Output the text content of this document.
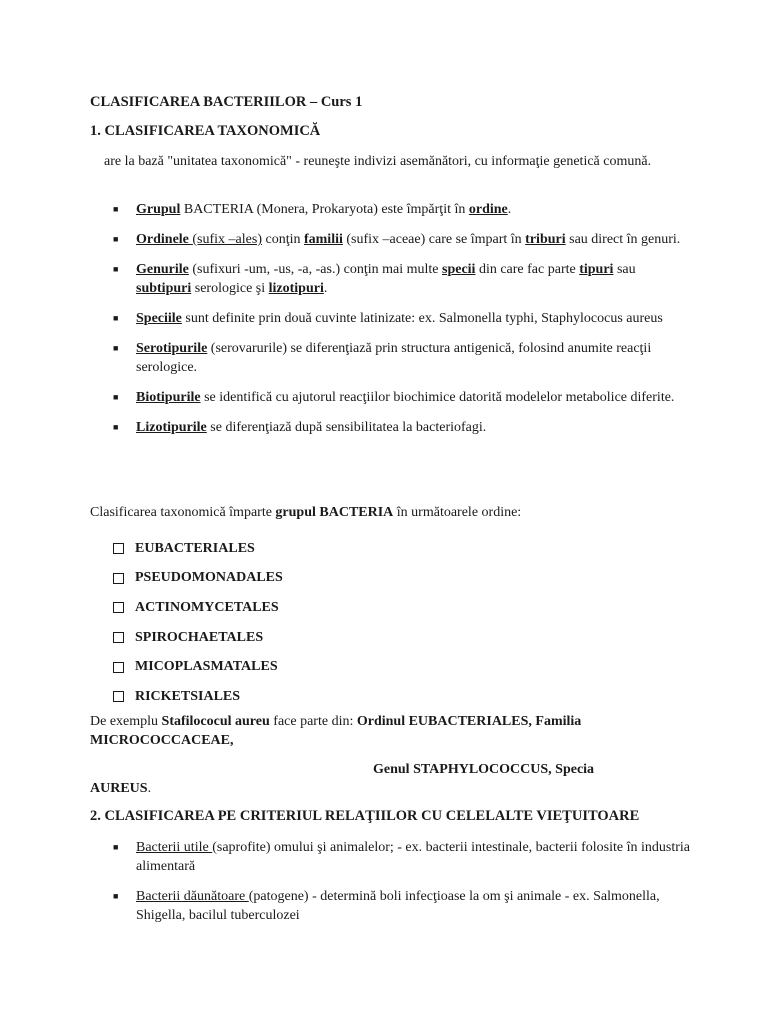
CLASIFICAREA BACTERIILOR – Curs 1
1. CLASIFICAREA TAXONOMICĂ
are la bază "unitatea taxonomică" - reuneşte indivizi asemănători, cu informaţie genetică comună.
■	Grupul BACTERIA (Monera, Prokaryota) este împărţit în ordine.
■	Ordinele (sufix –ales) conţin familii (sufix –aceae) care se împart în triburi sau direct în genuri.
■	Genurile (sufixuri -um, -us, -a, -as.) conţin mai multe specii din care fac parte tipuri sau subtipuri serologice şi lizotipuri.
■	Speciile sunt definite prin două cuvinte latinizate: ex. Salmonella typhi, Staphylococus aureus
■	Serotipurile (serovarurile) se diferenţiază prin structura antigenică, folosind anumite reacţii serologice.
■	Biotipurile se identifică cu ajutorul reacţiilor biochimice datorită modelelor metabolice diferite.
■	Lizotipurile se diferenţiază după sensibilitatea la bacteriofagi.
Clasificarea taxonomică împarte grupul BACTERIA în următoarele ordine:
EUBACTERIALES
PSEUDOMONADALES
ACTINOMYCETALES
SPIROCHAETALES
MICOPLASMATALES
RICKETSIALES
De exemplu Stafilococul aureu face parte din: Ordinul EUBACTERIALES, Familia MICROCOCCACEAE,
Genul STAPHYLOCOCCUS, Specia
AUREUS.
2. CLASIFICAREA PE CRITERIUL RELAŢIILOR CU CELELALTE VIEŢUITOARE
■	Bacterii utile (saprofite) omului şi animalelor; - ex. bacterii intestinale, bacterii folosite în industria alimentară
■	Bacterii dăunătoare (patogene) - determină boli infecţioase la om şi animale - ex. Salmonella, Shigella, bacilul tuberculozei
